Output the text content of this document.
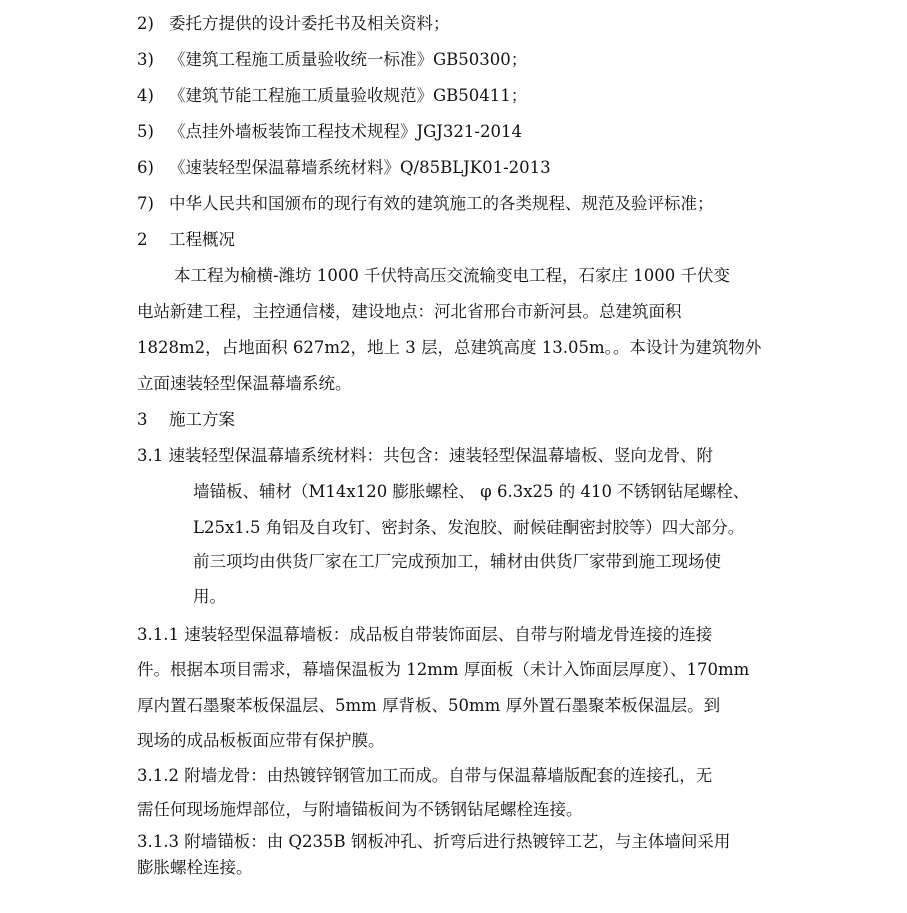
2) 委托方提供的设计委托书及相关资料；
3) 《建筑工程施工质量验收统一标准》GB50300；
4) 《建筑节能工程施工质量验收规范》GB50411；
5) 《点挂外墙板装饰工程技术规程》JGJ321-2014
6) 《速装轻型保温幕墙系统材料》Q/85BLJK01-2013
7) 中华人民共和国颁布的现行有效的建筑施工的各类规程、规范及验评标准；
2 工程概况
本工程为榆横-潍坊 1000 千伏特高压交流输变电工程，石家庄 1000 千伏变
电站新建工程，主控通信楼，建设地点：河北省邢台市新河县。总建筑面积
1828m2，占地面积 627m2，地上 3 层，总建筑高度 13.05m。。本设计为建筑物外
立面速装轻型保温幕墙系统。
3 施工方案
3.1 速装轻型保温幕墙系统材料：共包含：速装轻型保温幕墙板、竖向龙骨、附
墙锚板、辅材（M14x120 膨胀螺栓、 φ 6.3x25 的 410 不锈钢钻尾螺栓、
L25x1.5 角铝及自攻钉、密封条、发泡胶、耐候硅酮密封胶等）四大部分。
前三项均由供货厂家在工厂完成预加工，辅材由供货厂家带到施工现场使
用。
3.1.1 速装轻型保温幕墙板：成品板自带装饰面层、自带与附墙龙骨连接的连接
件。根据本项目需求，幕墙保温板为 12mm 厚面板（未计入饰面层厚度）、170mm
厚内置石墨聚苯板保温层、5mm 厚背板、50mm 厚外置石墨聚苯板保温层。到
现场的成品板板面应带有保护膜。
3.1.2 附墙龙骨：由热镀锌钢管加工而成。自带与保温幕墙版配套的连接孔，无
需任何现场施焊部位，与附墙锚板间为不锈钢钻尾螺栓连接。
3.1.3 附墙锚板：由 Q235B 钢板冲孔、折弯后进行热镀锌工艺，与主体墙间采用
膨胀螺栓连接。
